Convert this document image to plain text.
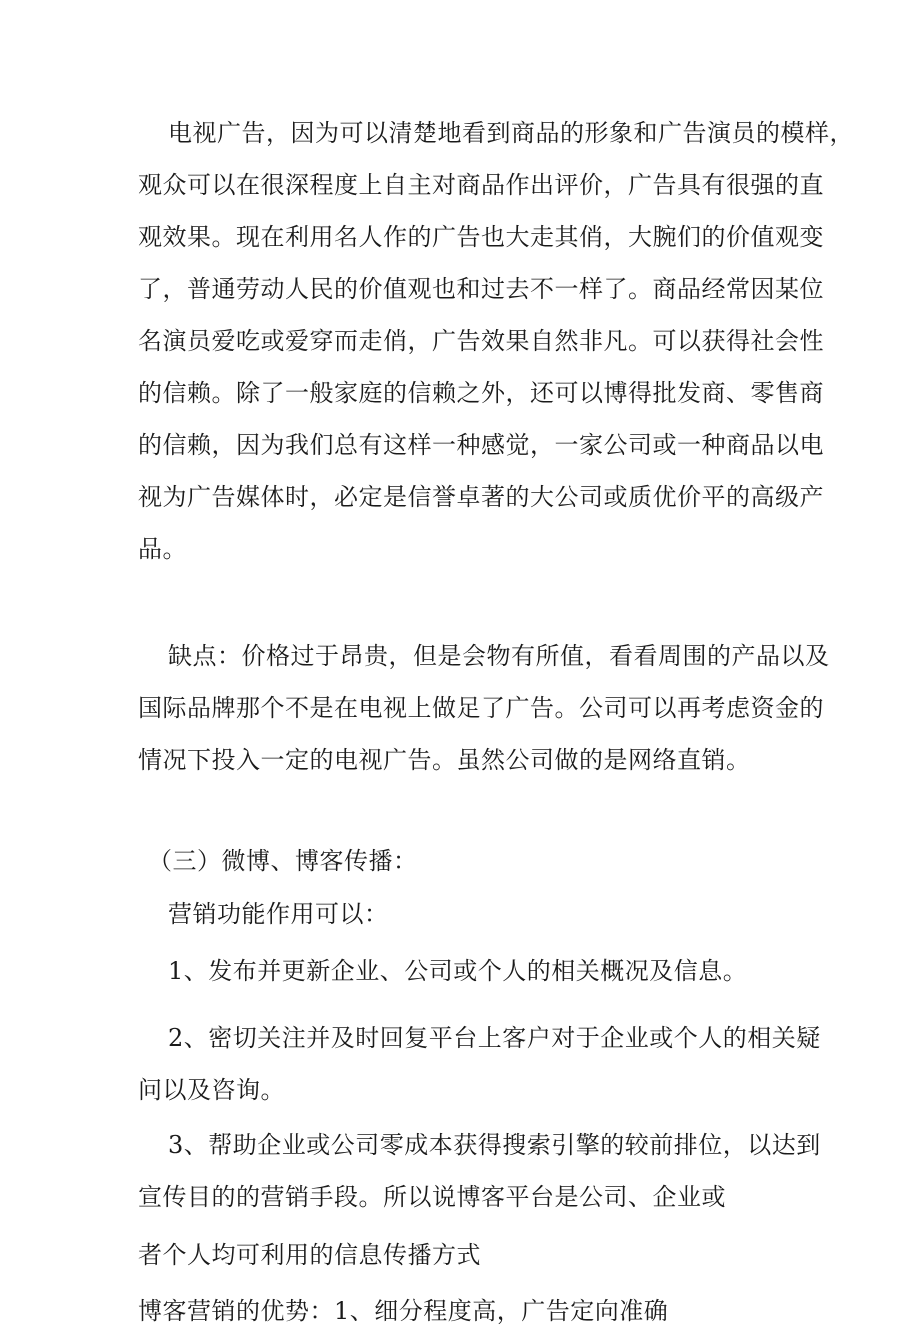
电视广告，因为可以清楚地看到商品的形象和广告演员的模样，
观众可以在很深程度上自主对商品作出评价，广告具有很强的直
观效果。现在利用名人作的广告也大走其俏，大腕们的价值观变
了，普通劳动人民的价值观也和过去不一样了。商品经常因某位
名演员爱吃或爱穿而走俏，广告效果自然非凡。可以获得社会性
的信赖。除了一般家庭的信赖之外，还可以博得批发商、零售商
的信赖，因为我们总有这样一种感觉，一家公司或一种商品以电
视为广告媒体时，必定是信誉卓著的大公司或质优价平的高级产
品。
缺点：价格过于昂贵，但是会物有所值，看看周围的产品以及
国际品牌那个不是在电视上做足了广告。公司可以再考虑资金的
情况下投入一定的电视广告。虽然公司做的是网络直销。
（三）微博、博客传播：
营销功能作用可以：
1、发布并更新企业、公司或个人的相关概况及信息。
2、密切关注并及时回复平台上客户对于企业或个人的相关疑
问以及咨询。
3、帮助企业或公司零成本获得搜索引擎的较前排位，以达到
宣传目的的营销手段。所以说博客平台是公司、企业或
者个人均可利用的信息传播方式
博客营销的优势：1、细分程度高，广告定向准确
